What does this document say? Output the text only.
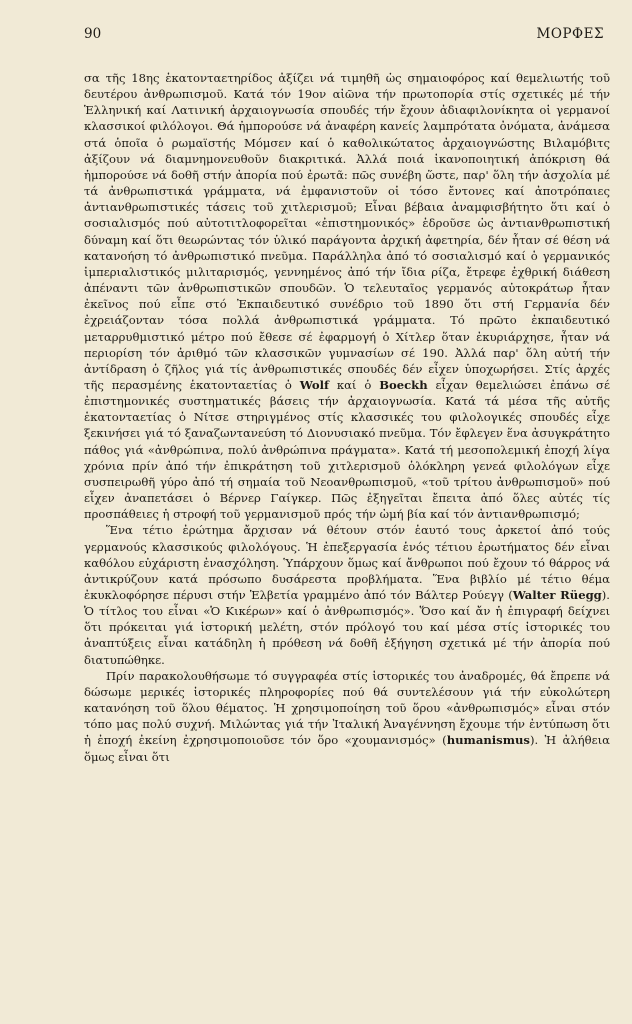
90	ΜΟΡΦΕΣ

σα τῆς 18ης ἑκατονταετηρίδος ἀξίζει νά τιμηθῆ ὡς σημαιοφόρος καί θεμελιωτής τοῦ δευτέρου ἀνθρωπισμοῦ. Κατά τόν 19ον αἰῶνα τήν πρωτοπορία στίς σχετικές μέ τήν Ἑλληνική καί Λατινική ἀρχαιογνωσία σπουδές τήν ἔχουν ἀδιαφιλονίκητα οἱ γερμανοί κλασσικοί φιλόλογοι. Θά ἠμπορούσε νά ἀναφέρη κανείς λαμπρότατα ὀνόματα, ἀνάμεσα στά ὁποῖα ὁ ρωμαϊστής Μόμσεν καί ὁ καθολικώτατος ἀρχαιογνώστης Βιλαμόβιτς ἀξίζουν νά διαμνημονευθοῦν διακριτικά. Ἀλλά ποιά ἱκανοποιητική ἀπόκριση θά ἠμπορούσε νά δοθῆ στήν ἀπορία πού ἐρωτᾶ: πῶς συνέβη ὥστε, παρ' ὅλη τήν ἀσχολία μέ τά ἀνθρωπιστικά γράμματα, νά ἐμφανιστοῦν οἱ τόσο ἔντονες καί ἀποτρόπαιες ἀντιανθρωπιστικές τάσεις τοῦ χιτλερισμοῦ; Εἶναι βέβαια ἀναμφισβήτητο ὅτι καί ὁ σοσιαλισμός πού αὐτοτιτλοφορεῖται «ἐπιστημονικός» ἑδροῦσε ὡς ἀντιανθρωπιστική δύναμη καί ὅτι θεωρώντας τόν ὑλικό παράγοντα ἀρχική ἀφετηρία, δέν ἦταν σέ θέση νά κατανοήση τό ἀνθρωπιστικό πνεῦμα. Παράλληλα ἀπό τό σοσιαλισμό καί ὁ γερμανικός ἰμπεριαλιστικός μιλιταρισμός, γεννημένος ἀπό τήν ἴδια ρίζα, ἔτρεφε ἐχθρική διάθεση ἀπέναντι τῶν ἀνθρωπιστικῶν σπουδῶν. Ὁ τελευταῖος γερμανός αὐτοκράτωρ ἦταν ἐκεῖνος πού εἶπε στό Ἐκπαιδευτικό συνέδριο τοῦ 1890 ὅτι στή Γερμανία δέν ἐχρειάζονταν τόσα πολλά ἀνθρωπιστικά γράμματα. Τό πρῶτο ἐκπαιδευτικό μεταρρυθμιστικό μέτρο πού ἔθεσε σέ ἐφαρμογή ὁ Χίτλερ ὅταν ἐκυριάρχησε, ἦταν νά περιορίση τόν ἀριθμό τῶν κλασσικῶν γυμνασίων σέ 190. Ἀλλά παρ' ὅλη αὐτή τήν ἀντίδραση ὁ ζῆλος γιά τίς ἀνθρωπιστικές σπουδές δέν εἶχεν ὑποχωρήσει. Στίς ἀρχές τῆς περασμένης ἑκατονταετίας ὁ Wolf καί ὁ Boeckh εἶχαν θεμελιώσει ἐπάνω σέ ἐπιστημονικές συστηματικές βάσεις τήν ἀρχαιογνωσία. Κατά τά μέσα τῆς αὐτῆς ἑκατονταετίας ὁ Νίτσε στηριγμένος στίς κλασσικές του φιλολογικές σπουδές εἶχε ξεκινήσει γιά τό ξαναζωντανεύση τό Διονυσιακό πνεῦμα. Τόν ἔφλεγεν ἕνα ἀσυγκράτητο πάθος γιά «ἀνθρώπινα, πολύ ἀνθρώπινα πράγματα». Κατά τή μεσοπολεμική ἐποχή λίγα χρόνια πρίν ἀπό τήν ἐπικράτηση τοῦ χιτλερισμοῦ ὁλόκληρη γενεά φιλολόγων εἶχε συσπειρωθῆ γύρο ἀπό τή σημαία τοῦ Νεοανθρωπισμοῦ, «τοῦ τρίτου ἀνθρωπισμοῦ» πού εἶχεν ἀναπετάσει ὁ Βέρνερ Γαίγκερ. Πῶς ἐξηγεῖται ἔπειτα ἀπό ὅλες αὐτές τίς προσπάθειες ἡ στροφή τοῦ γερμανισμοῦ πρός τήν ὠμή βία καί τόν ἀντιανθρωπισμό;

Ἕνα τέτιο ἐρώτημα ἄρχισαν νά θέτουν στόν ἑαυτό τους ἀρκετοί ἀπό τούς γερμανούς κλασσικούς φιλολόγους. Ἡ ἐπεξεργασία ἑνός τέτιου ἐρωτήματος δέν εἶναι καθόλου εὐχάριστη ἐνασχόληση. Ὑπάρχουν ὅμως καί ἄνθρωποι πού ἔχουν τό θάρρος νά ἀντικρύζουν κατά πρόσωπο δυσάρεστα προβλήματα. Ἕνα βιβλίο μέ τέτιο θέμα ἐκυκλοφόρησε πέρυσι στήν Ἑλβετία γραμμένο ἀπό τόν Βάλτερ Ρούεγγ (Walter Rüegg). Ὁ τίτλος του εἶναι «Ὁ Κικέρων» καί ὁ ἀνθρωπισμός». Ὅσο καί ἄν ἡ ἐπιγραφή δείχνει ὅτι πρόκειται γιά ἱστορική μελέτη, στόν πρόλογό του καί μέσα στίς ἱστορικές του ἀναπτύξεις εἶναι κατάδηλη ἡ πρόθεση νά δοθῆ ἐξήγηση σχετικά μέ τήν ἀπορία πού διατυπώθηκε.

Πρίν παρακολουθήσωμε τό συγγραφέα στίς ἱστορικές του ἀναδρομές, θά ἔπρεπε νά δώσωμε μερικές ἱστορικές πληροφορίες πού θά συντελέσουν γιά τήν εὐκολώτερη κατανόηση τοῦ ὅλου θέματος. Ἡ χρησιμοποίηση τοῦ ὅρου «ἀνθρωπισμός» εἶναι στόν τόπο μας πολύ συχνή. Μιλώντας γιά τήν Ἰταλική Ἀναγέννηση ἔχουμε τήν ἐντύπωση ὅτι ἡ ἐποχή ἐκείνη ἐχρησιμοποιοῦσε τόν ὅρο «χουμανισμός» (humanismus). Ἡ ἀλήθεια ὅμως εἶναι ὅτι
